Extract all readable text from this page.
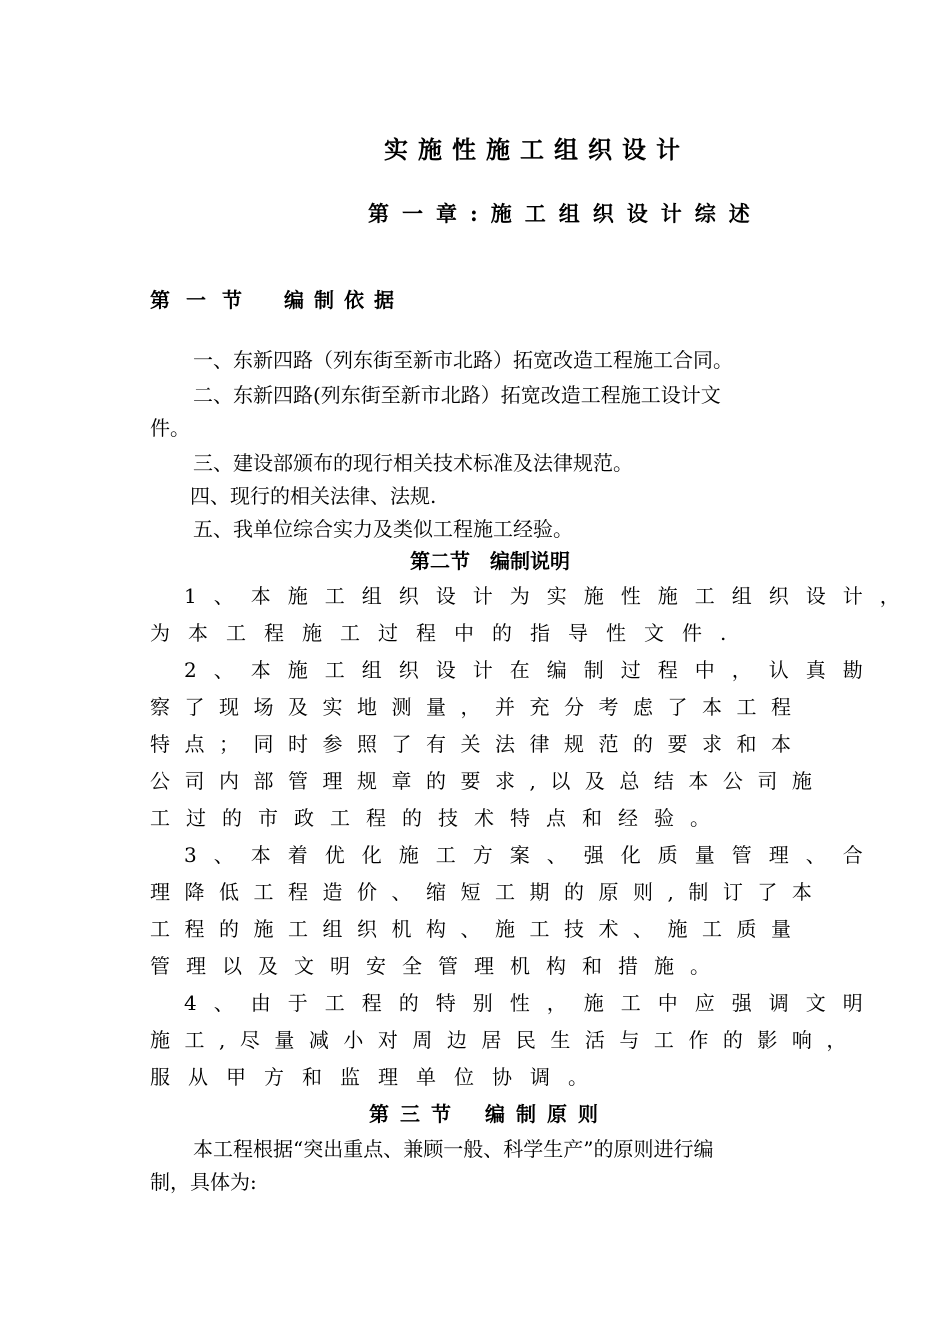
实施性施工组织设计
第一章:施工组织设计综述
第一节 编制依据
一、东新四路（列东街至新市北路）拓宽改造工程施工合同。
二、东新四路(列东街至新市北路）拓宽改造工程施工设计文
件。
三、建设部颁布的现行相关技术标准及法律规范。
四、现行的相关法律、法规.
五、我单位综合实力及类似工程施工经验。
第二节　编制说明
1、本施工组织设计为实施性施工组织设计，
为本工程施工过程中的指导性文件.
2、本施工组织设计在编制过程中，认真勘
察了现场及实地测量，并充分考虑了本工程
特点；同时参照了有关法律规范的要求和本
公司内部管理规章的要求,以及总结本公司施
工过的市政工程的技术特点和经验。
3、本着优化施工方案、强化质量管理、合
理降低工程造价、缩短工期的原则,制订了本
工程的施工组织机构、施工技术、施工质量
管理以及文明安全管理机构和措施。
4、由于工程的特别性，施工中应强调文明
施工,尽量减小对周边居民生活与工作的影响，
服从甲方和监理单位协调。
第三节 编制原则
本工程根据“突出重点、兼顾一般、科学生产”的原则进行编
制，具体为:
